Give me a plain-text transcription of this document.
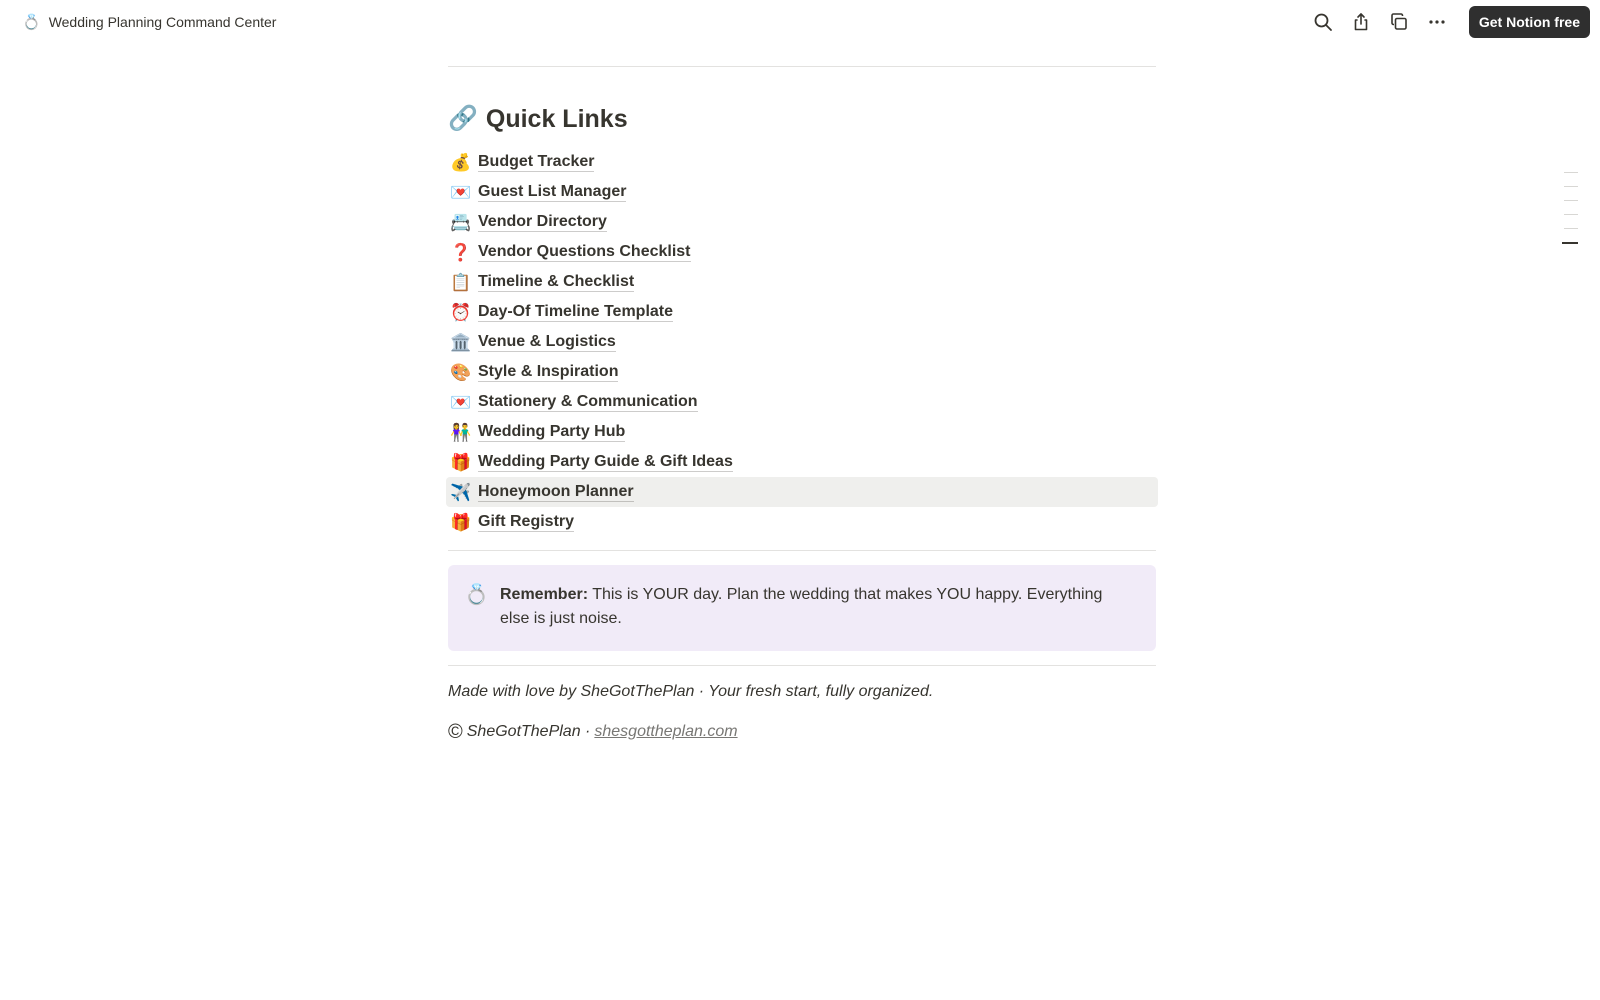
💍 Wedding Planning Command Center	Get Notion free
🔗 Quick Links
💰 Budget Tracker
💌 Guest List Manager
📇 Vendor Directory
❓ Vendor Questions Checklist
📋 Timeline & Checklist
⏰ Day-Of Timeline Template
🏛️ Venue & Logistics
🎨 Style & Inspiration
💌 Stationery & Communication
👫 Wedding Party Hub
🎁 Wedding Party Guide & Gift Ideas
✈️ Honeymoon Planner
🎁 Gift Registry
💍 Remember: This is YOUR day. Plan the wedding that makes YOU happy. Everything else is just noise.
Made with love by SheGotThePlan · Your fresh start, fully organized.
© SheGotThePlan · shesgottheplan.com
